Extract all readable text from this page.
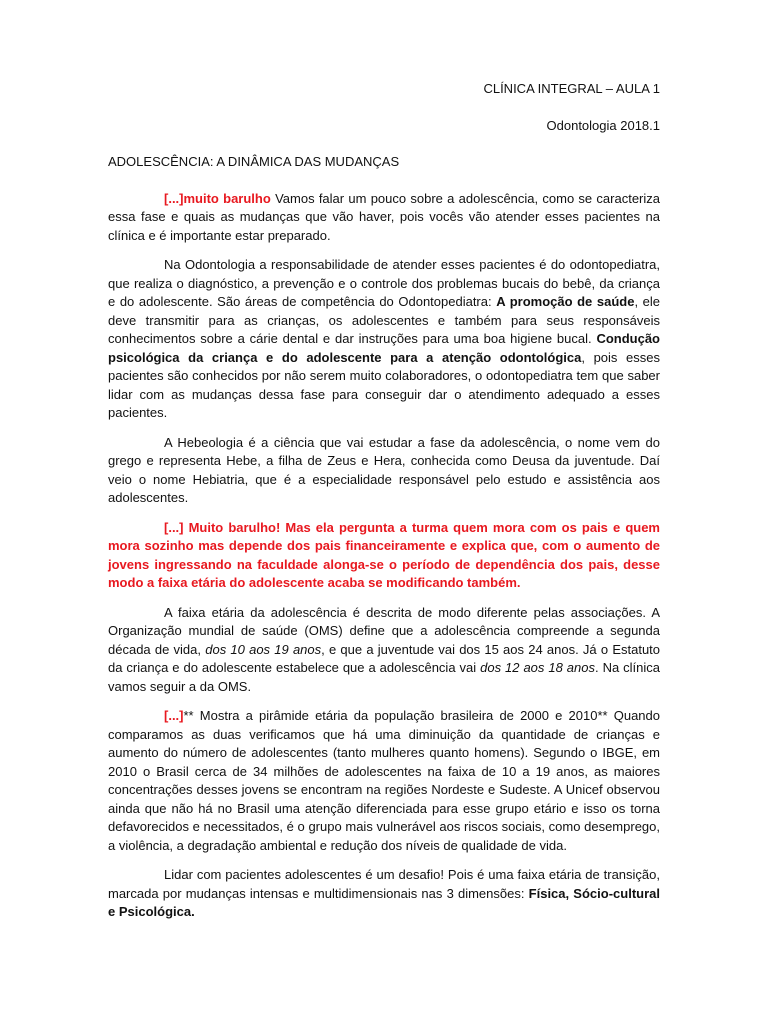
CLÍNICA INTEGRAL – AULA 1
Odontologia 2018.1
ADOLESCÊNCIA: A DINÂMICA DAS MUDANÇAS

[...]muito barulho Vamos falar um pouco sobre a adolescência, como se caracteriza essa fase e quais as mudanças que vão haver, pois vocês vão atender esses pacientes na clínica e é importante estar preparado.

Na Odontologia a responsabilidade de atender esses pacientes é do odontopediatra, que realiza o diagnóstico, a prevenção e o controle dos problemas bucais do bebê, da criança e do adolescente. São áreas de competência do Odontopediatra: A promoção de saúde, ele deve transmitir para as crianças, os adolescentes e também para seus responsáveis conhecimentos sobre a cárie dental e dar instruções para uma boa higiene bucal. Condução psicológica da criança e do adolescente para a atenção odontológica, pois esses pacientes são conhecidos por não serem muito colaboradores, o odontopediatra tem que saber lidar com as mudanças dessa fase para conseguir dar o atendimento adequado a esses pacientes.

A Hebeologia é a ciência que vai estudar a fase da adolescência, o nome vem do grego e representa Hebe, a filha de Zeus e Hera, conhecida como Deusa da juventude. Daí veio o nome Hebiatria, que é a especialidade responsável pelo estudo e assistência aos adolescentes.

[...] Muito barulho! Mas ela pergunta a turma quem mora com os pais e quem mora sozinho mas depende dos pais financeiramente e explica que, com o aumento de jovens ingressando na faculdade alonga-se o período de dependência dos pais, desse modo a faixa etária do adolescente acaba se modificando também.

A faixa etária da adolescência é descrita de modo diferente pelas associações. A Organização mundial de saúde (OMS) define que a adolescência compreende a segunda década de vida, dos 10 aos 19 anos, e que a juventude vai dos 15 aos 24 anos. Já o Estatuto da criança e do adolescente estabelece que a adolescência vai dos 12 aos 18 anos. Na clínica vamos seguir a da OMS.

[...]** Mostra a pirâmide etária da população brasileira de 2000 e 2010** Quando comparamos as duas verificamos que há uma diminuição da quantidade de crianças e aumento do número de adolescentes (tanto mulheres quanto homens). Segundo o IBGE, em 2010 o Brasil cerca de 34 milhões de adolescentes na faixa de 10 a 19 anos, as maiores concentrações desses jovens se encontram na regiões Nordeste e Sudeste. A Unicef observou ainda que não há no Brasil uma atenção diferenciada para esse grupo etário e isso os torna defavorecidos e necessitados, é o grupo mais vulnerável aos riscos sociais, como desemprego, a violência, a degradação ambiental e redução dos níveis de qualidade de vida.

Lidar com pacientes adolescentes é um desafio! Pois é uma faixa etária de transição, marcada por mudanças intensas e multidimensionais nas 3 dimensões: Física, Sócio-cultural e Psicológica.
